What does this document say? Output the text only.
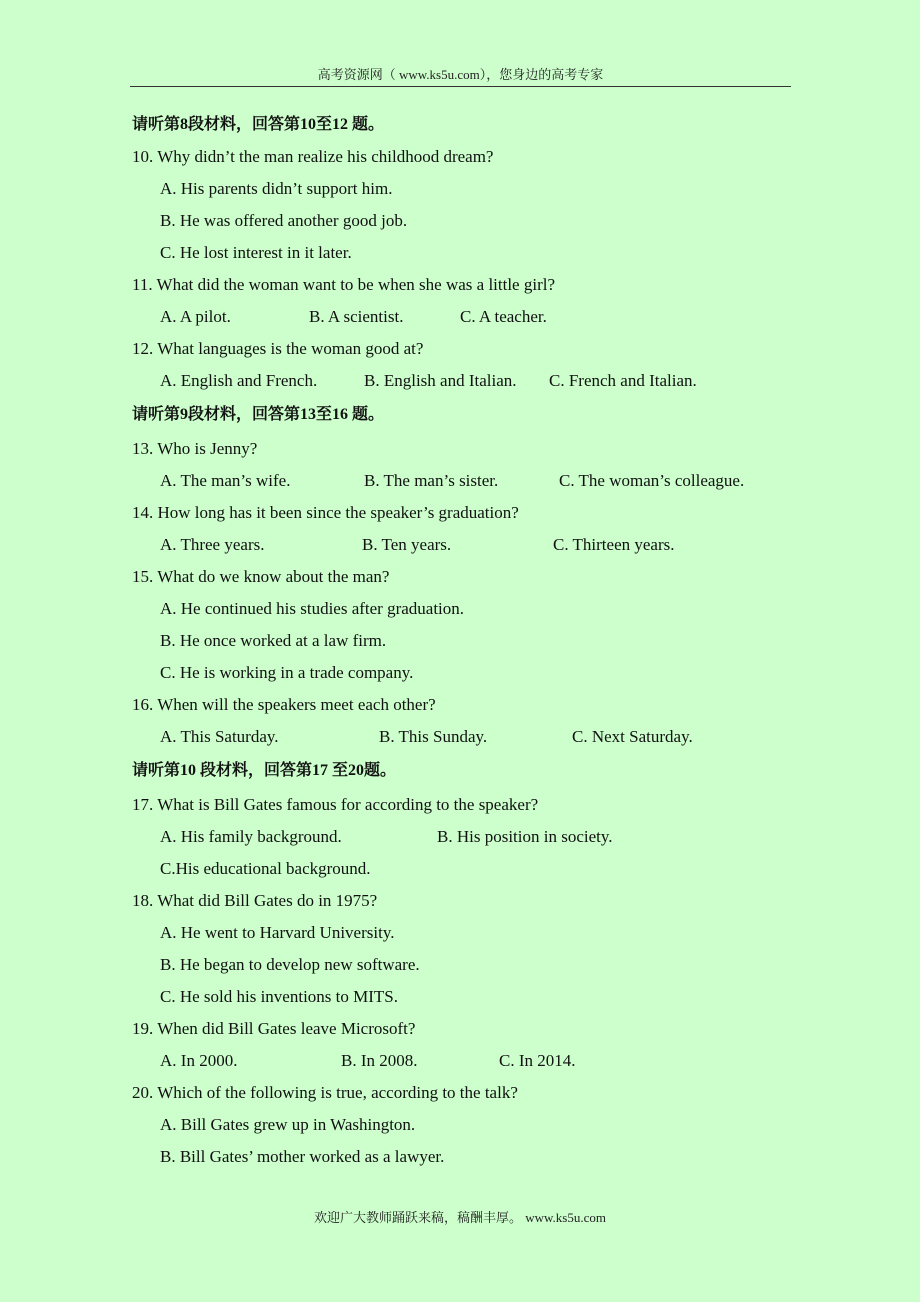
高考资源网（ www.ks5u.com），您身边的高考专家
请听第8段材料，回答第10至12 题。
10. Why didn’t the man realize his childhood dream?
A. His parents didn’t support him.
B. He was offered another good job.
C. He lost interest in it later.
11. What did the woman want to be when she was a little girl?
A. A pilot.	B. A scientist.	C. A teacher.
12. What languages is the woman good at?
A. English and French.	B. English and Italian. C. French and Italian.
请听第9段材料，回答第13至16 题。
13. Who is Jenny?
A. The man’s wife.	B. The man’s sister.	C. The woman’s colleague.
14. How long has it been since the speaker’s graduation?
A. Three years.	B. Ten years.	C. Thirteen years.
15. What do we know about the man?
A. He continued his studies after graduation.
B. He once worked at a law firm.
C. He is working in a trade company.
16. When will the speakers meet each other?
A. This Saturday.	B. This Sunday.	C. Next Saturday.
请听第10 段材料，回答第17 至20题。
17. What is Bill Gates famous for according to the speaker?
A. His family background.	B. His position in society.
C.His educational background.
18. What did Bill Gates do in 1975?
A. He went to Harvard University.
B. He began to develop new software.
C. He sold his inventions to MITS.
19. When did Bill Gates leave Microsoft?
A. In 2000.	B. In 2008.	C. In 2014.
20. Which of the following is true, according to the talk?
A. Bill Gates grew up in Washington.
B. Bill Gates’ mother worked as a lawyer.
欢迎广大教师踊跃来稿，稿酬丰厚。 www.ks5u.com
